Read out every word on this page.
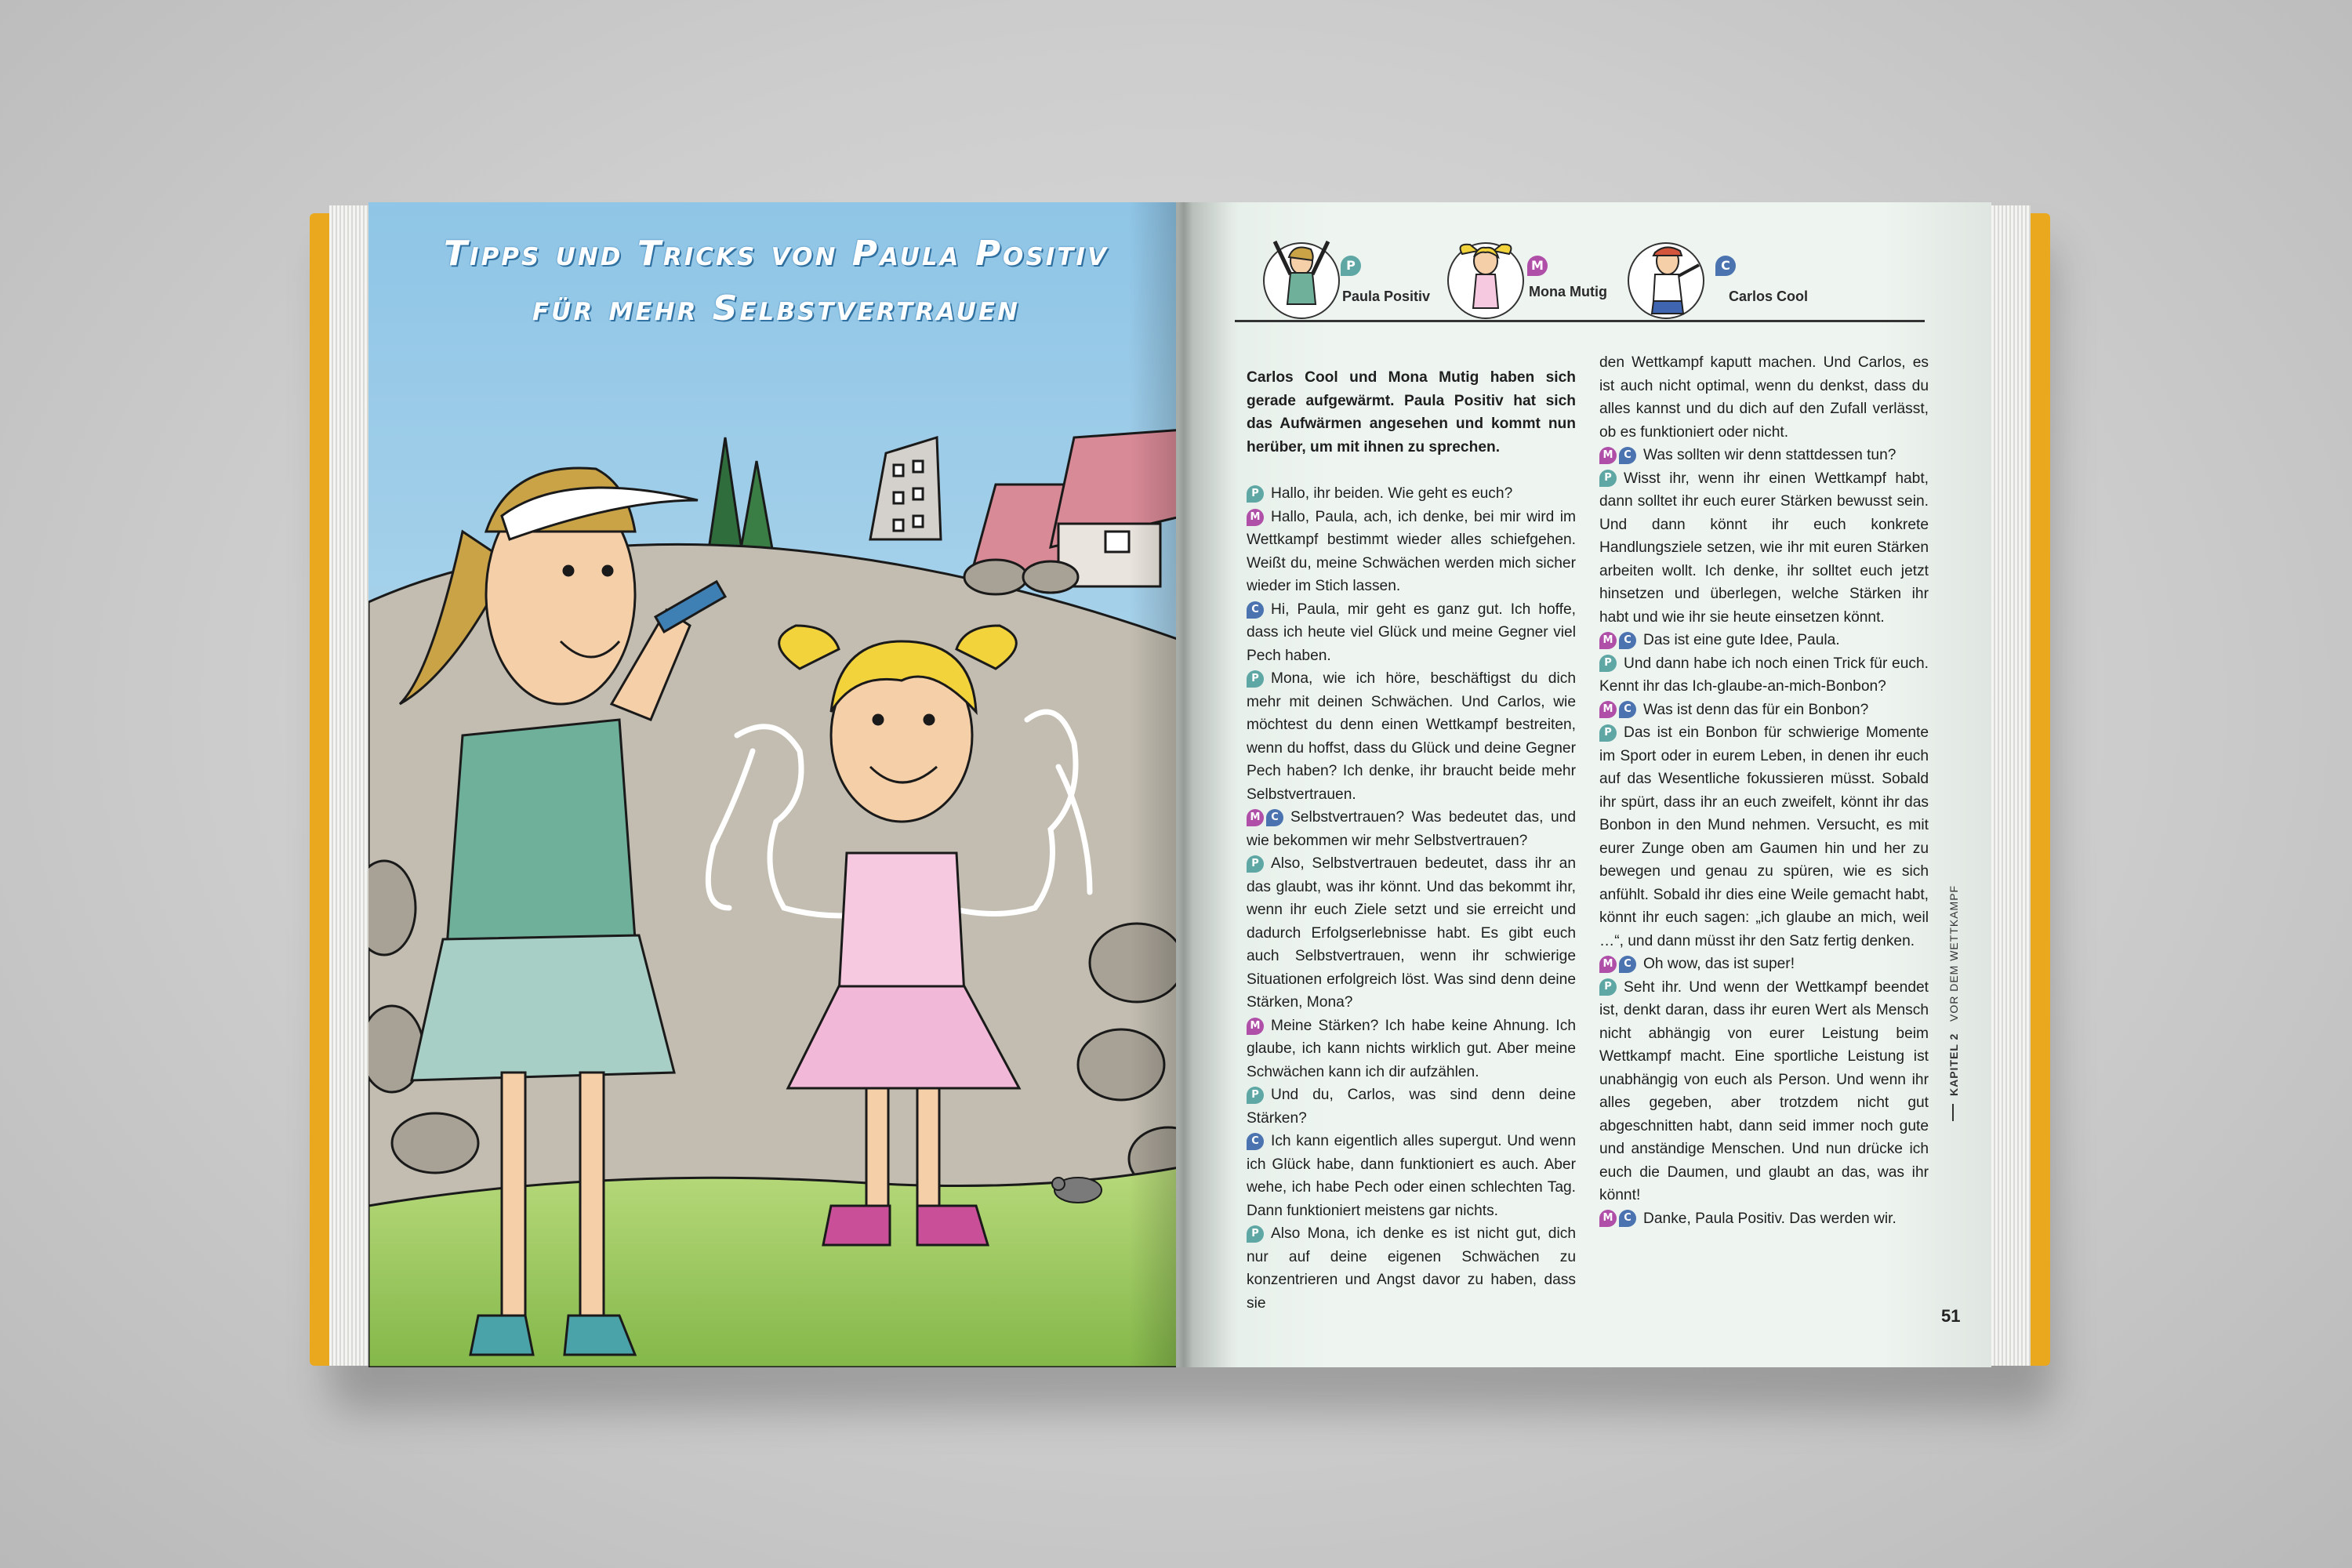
Tipps und Tricks von Paula Positiv
für mehr Selbstvertrauen
P
Paula Positiv
M
Mona Mutig
C
Carlos Cool

Carlos Cool und Mona Mutig haben sich gerade aufgewärmt. Paula Positiv hat sich das Aufwärmen angesehen und kommt nun herüber, um mit ihnen zu sprechen.

P Hallo, ihr beiden. Wie geht es euch?

M Hallo, Paula, ach, ich denke, bei mir wird im Wettkampf bestimmt wieder alles schiefgehen. Weißt du, meine Schwächen werden mich sicher wieder im Stich lassen.

C Hi, Paula, mir geht es ganz gut. Ich hoffe, dass ich heute viel Glück und meine Gegner viel Pech haben.

P Mona, wie ich höre, beschäftigst du dich mehr mit deinen Schwächen. Und Carlos, wie möchtest du denn einen Wettkampf bestreiten, wenn du hoffst, dass du Glück und deine Gegner Pech haben? Ich denke, ihr braucht beide mehr Selbstvertrauen.

M C Selbstvertrauen? Was bedeutet das, und wie bekommen wir mehr Selbstvertrauen?

P Also, Selbstvertrauen bedeutet, dass ihr an das glaubt, was ihr könnt. Und das bekommt ihr, wenn ihr euch Ziele setzt und sie erreicht und dadurch Erfolgserlebnisse habt. Es gibt euch auch Selbstvertrauen, wenn ihr schwierige Situationen erfolgreich löst. Was sind denn deine Stärken, Mona?

M Meine Stärken? Ich habe keine Ahnung. Ich glaube, ich kann nichts wirklich gut. Aber meine Schwächen kann ich dir aufzählen.

P Und du, Carlos, was sind denn deine Stärken?

C Ich kann eigentlich alles supergut. Und wenn ich Glück habe, dann funktioniert es auch. Aber wehe, ich habe Pech oder einen schlechten Tag. Dann funktioniert meistens gar nichts.

P Also Mona, ich denke es ist nicht gut, dich nur auf deine eigenen Schwächen zu konzentrieren und Angst davor zu haben, dass sie

den Wettkampf kaputt machen. Und Carlos, es ist auch nicht optimal, wenn du denkst, dass du alles kannst und du dich auf den Zufall verlässt, ob es funktioniert oder nicht.

M C Was sollten wir denn stattdessen tun?

P Wisst ihr, wenn ihr einen Wettkampf habt, dann solltet ihr euch eurer Stärken bewusst sein. Und dann könnt ihr euch konkrete Handlungsziele setzen, wie ihr mit euren Stärken arbeiten wollt. Ich denke, ihr solltet euch jetzt hinsetzen und überlegen, welche Stärken ihr habt und wie ihr sie heute einsetzen könnt.

M C Das ist eine gute Idee, Paula.

P Und dann habe ich noch einen Trick für euch. Kennt ihr das Ich-glaube-an-mich-Bonbon?

M C Was ist denn das für ein Bonbon?

P Das ist ein Bonbon für schwierige Momente im Sport oder in eurem Leben, in denen ihr euch auf das Wesentliche fokussieren müsst. Sobald ihr spürt, dass ihr an euch zweifelt, könnt ihr das Bonbon in den Mund nehmen. Versucht, es mit eurer Zunge oben am Gaumen hin und her zu bewegen und genau zu spüren, wie es sich anfühlt. Sobald ihr dies eine Weile gemacht habt, könnt ihr euch sagen: „ich glaube an mich, weil …“, und dann müsst ihr den Satz fertig denken.

M C Oh wow, das ist super!

P Seht ihr. Und wenn der Wettkampf beendet ist, denkt daran, dass ihr euren Wert als Mensch nicht abhängig von eurer Leistung beim Wettkampf macht. Eine sportliche Leistung ist unabhängig von euch als Person. Und wenn ihr alles gegeben, aber trotzdem nicht gut abgeschnitten habt, dann seid immer noch gute und anständige Menschen. Und nun drücke ich euch die Daumen, und glaubt an das, was ihr könnt!

M C Danke, Paula Positiv. Das werden wir.

KAPITEL 2   VOR DEM WETTKAMPF
51
